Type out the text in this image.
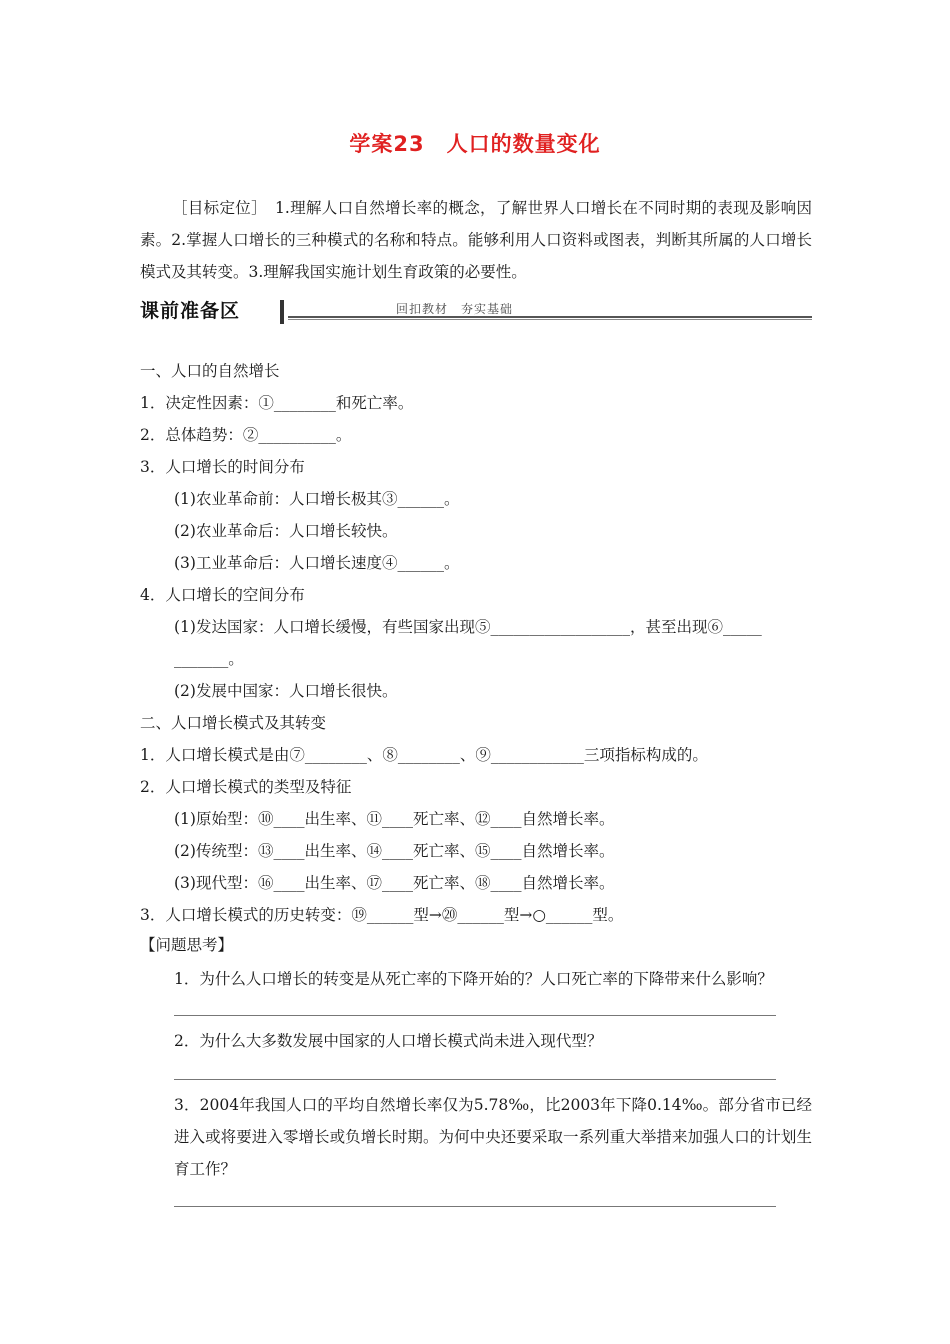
学案23　人口的数量变化
［目标定位］　1.理解人口自然增长率的概念，了解世界人口增长在不同时期的表现及影响因素。2.掌握人口增长的三种模式的名称和特点。能够利用人口资料或图表，判断其所属的人口增长模式及其转变。3.理解我国实施计划生育政策的必要性。
课前准备区	回扣教材　夯实基础
一、人口的自然增长
1．决定性因素：①________和死亡率。
2．总体趋势：②__________。
3．人口增长的时间分布
(1)农业革命前：人口增长极其③______。
(2)农业革命后：人口增长较快。
(3)工业革命后：人口增长速度④______。
4．人口增长的空间分布
(1)发达国家：人口增长缓慢，有些国家出现⑤__________________，甚至出现⑥_____
_______。
(2)发展中国家：人口增长很快。
二、人口增长模式及其转变
1．人口增长模式是由⑦________、⑧________、⑨____________三项指标构成的。
2．人口增长模式的类型及特征
(1)原始型：⑩____出生率、⑪____死亡率、⑫____自然增长率。
(2)传统型：⑬____出生率、⑭____死亡率、⑮____自然增长率。
(3)现代型：⑯____出生率、⑰____死亡率、⑱____自然增长率。
3．人口增长模式的历史转变：⑲______型→⑳______型→○______型。
【问题思考】
1．为什么人口增长的转变是从死亡率的下降开始的？人口死亡率的下降带来什么影响？
2．为什么大多数发展中国家的人口增长模式尚未进入现代型？
3．2004年我国人口的平均自然增长率仅为5.78‰，比2003年下降0.14‰。部分省市已经进入或将要进入零增长或负增长时期。为何中央还要采取一系列重大举措来加强人口的计划生育工作？
